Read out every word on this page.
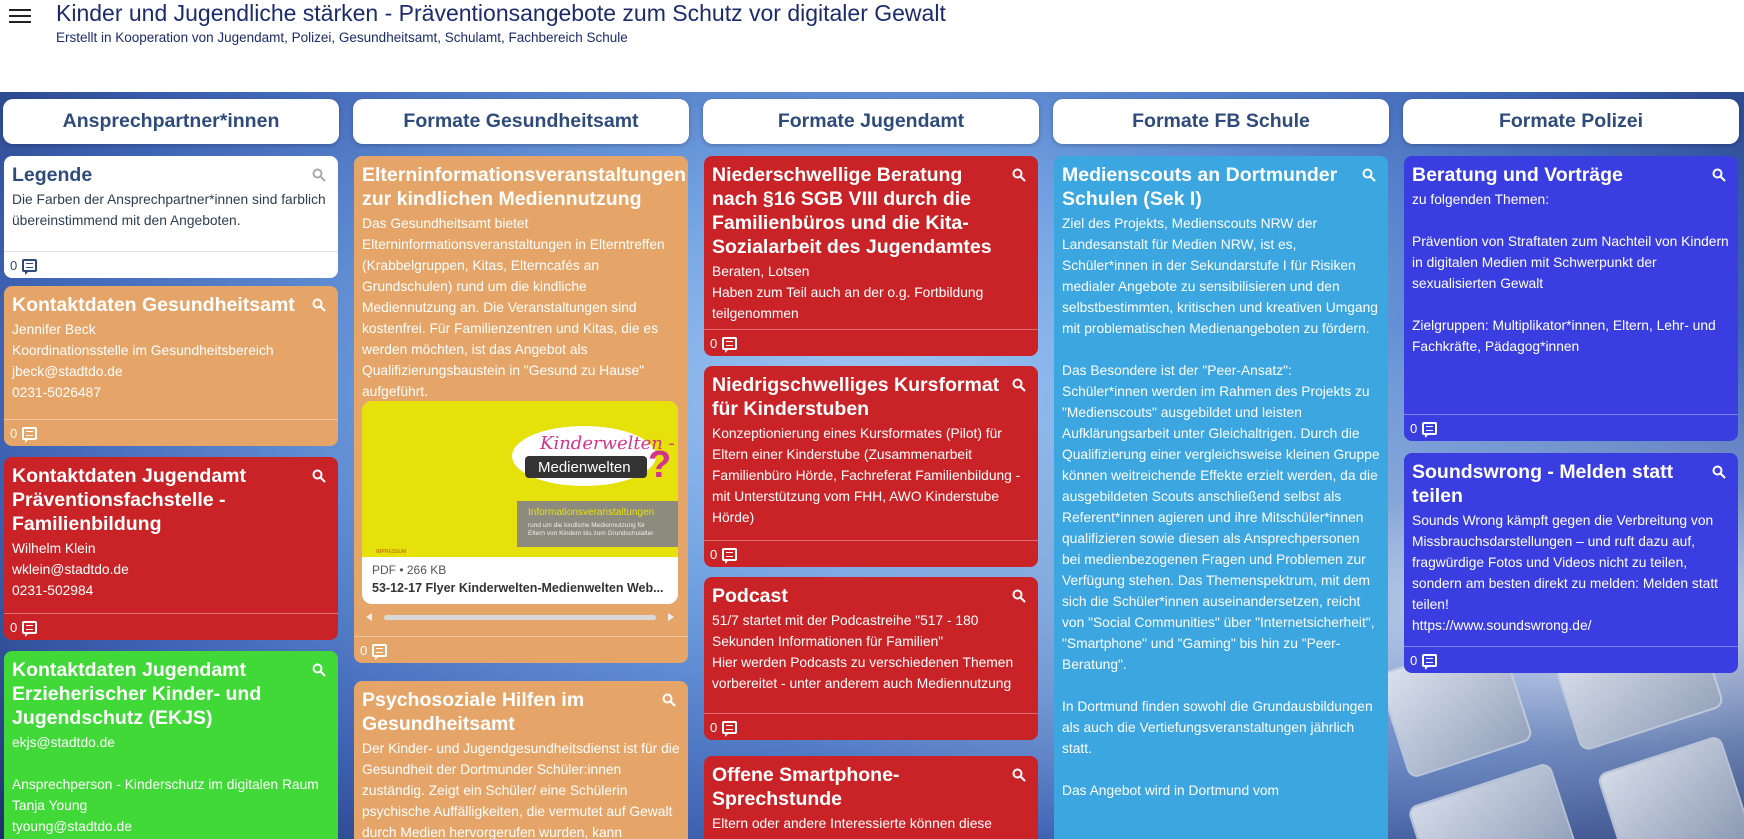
Kinder und Jugendliche stärken - Präventionsangebote zum Schutz vor digitaler Gewalt
Erstellt in Kooperation von Jugendamt, Polizei, Gesundheitsamt, Schulamt, Fachbereich Schule
Ansprechpartner*innen
Legende
Die Farben der Ansprechpartner*innen sind farblich übereinstimmend mit den Angeboten.
0
Kontaktdaten Gesundheitsamt
Jennifer Beck
Koordinationsstelle im Gesundheitsbereich
jbeck@stadtdo.de
0231-5026487
0
Kontaktdaten Jugendamt Präventionsfachstelle - Familienbildung
Wilhelm Klein
wklein@stadtdo.de
0231-502984
0
Kontaktdaten Jugendamt Erzieherischer Kinder- und Jugendschutz (EKJS)
ekjs@stadtdo.de

Ansprechperson - Kinderschutz im digitalen Raum
Tanja Young
tyoung@stadtdo.de
Formate Gesundheitsamt
Elterninformationsveranstaltungen zur kindlichen Mediennutzung
Das Gesundheitsamt bietet Elterninformationsveranstaltungen in Elterntreffen (Krabbelgruppen, Kitas, Elterncafés an Grundschulen) rund um die kindliche Mediennutzung an. Die Veranstaltungen sind kostenfrei. Für Familienzentren und Kitas, die es werden möchten, ist das Angebot als Qualifizierungsbaustein in "Gesund zu Hause" aufgeführt.
Kinderwelten -
Medienwelten ?
Informationsveranstaltungen
rund um die kindliche Mediennutzung für
Eltern von Kindern bis zum Grundschulalter
IMPRESSUM
PDF • 266 KB
53-12-17 Flyer Kinderwelten-Medienwelten Web...
0
Psychosoziale Hilfen im Gesundheitsamt
Der Kinder- und Jugendgesundheitsdienst ist für die Gesundheit der Dortmunder Schüler:innen zuständig. Zeigt ein Schüler/ eine Schülerin psychische Auffälligkeiten, die vermutet auf Gewalt durch Medien hervorgerufen wurden, kann
Formate Jugendamt
Niederschwellige Beratung nach §16 SGB VIII durch die Familienbüros und die Kita-Sozialarbeit des Jugendamtes
Beraten, Lotsen
Haben zum Teil auch an der o.g. Fortbildung teilgenommen
0
Niedrigschwelliges Kursformat für Kinderstuben
Konzeptionierung eines Kursformates (Pilot) für Eltern einer Kinderstube (Zusammenarbeit Familienbüro Hörde, Fachreferat Familienbildung - mit Unterstützung vom FHH, AWO Kinderstube Hörde)
0
Podcast
51/7 startet mit der Podcastreihe "517 - 180 Sekunden Informationen für Familien"
Hier werden Podcasts zu verschiedenen Themen vorbereitet - unter anderem auch Mediennutzung
0
Offene Smartphone-Sprechstunde
Eltern oder andere Interessierte können diese
Formate FB Schule
Medienscouts an Dortmunder Schulen (Sek I)
Ziel des Projekts, Medienscouts NRW der Landesanstalt für Medien NRW, ist es, Schüler*innen in der Sekundarstufe I für Risiken medialer Angebote zu sensibilisieren und den selbstbestimmten, kritischen und kreativen Umgang mit problematischen Medienangeboten zu fördern.

Das Besondere ist der "Peer-Ansatz": Schüler*innen werden im Rahmen des Projekts zu "Medienscouts" ausgebildet und leisten Aufklärungsarbeit unter Gleichaltrigen. Durch die Qualifizierung einer vergleichsweise kleinen Gruppe können weitreichende Effekte erzielt werden, da die ausgebildeten Scouts anschließend selbst als Referent*innen agieren und ihre Mitschüler*innen qualifizieren sowie diesen als Ansprechpersonen bei medienbezogenen Fragen und Problemen zur Verfügung stehen. Das Themenspektrum, mit dem sich die Schüler*innen auseinandersetzen, reicht von "Social Communities" über "Internetsicherheit", "Smartphone" und "Gaming" bis hin zu "Peer-Beratung".

In Dortmund finden sowohl die Grundausbildungen als auch die Vertiefungsveranstaltungen jährlich statt.

Das Angebot wird in Dortmund vom
Formate Polizei
Beratung und Vorträge
zu folgenden Themen:

Prävention von Straftaten zum Nachteil von Kindern in digitalen Medien mit Schwerpunkt der sexualisierten Gewalt

Zielgruppen: Multiplikator*innen, Eltern, Lehr- und Fachkräfte, Pädagog*innen
0
Soundswrong - Melden statt teilen
Sounds Wrong kämpft gegen die Verbreitung von Missbrauchsdarstellungen – und ruft dazu auf, fragwürdige Fotos und Videos nicht zu teilen, sondern am besten direkt zu melden: Melden statt teilen!
https://www.soundswrong.de/
0
